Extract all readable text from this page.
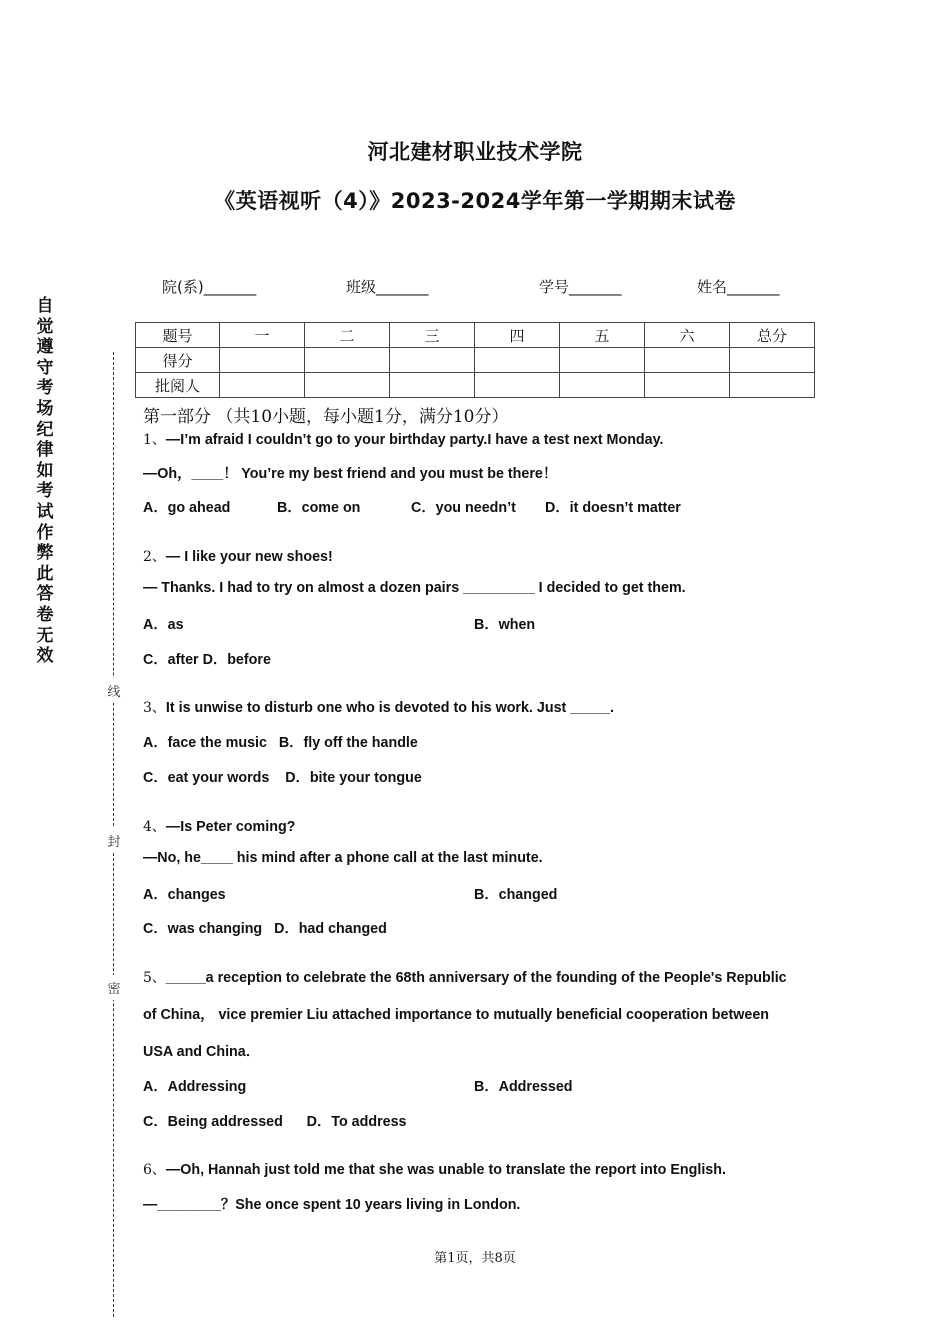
河北建材职业技术学院
《英语视听（4）》2023-2024学年第一学期期末试卷
自觉遵守考场纪律如考试作弊此答卷无效
线
封
密
院(系)_______	班级_______	学号_______	姓名_______
题号	一	二	三	四	五	六	总分
得分							
批阅人							
第一部分 （共10小题，每小题1分，满分10分）
1、—I’m afraid I couldn’t go to your birthday party.I have a test next Monday.
—Oh，____！ You’re my best friend and you must be there！
A．go ahead	B．come on	C．you needn’t D．it doesn’t matter
2、— I like your new shoes!
— Thanks. I had to try on almost a dozen pairs _________ I decided to get them.
A．as	B．when
C．after D．before
3、It is unwise to disturb one who is devoted to his work. Just _____.
A．face the music   B．fly off the handle
C．eat your words    D．bite your tongue
4、—Is Peter coming?
—No, he____ his mind after a phone call at the last minute.
A．changes	B．changed
C．was changing   D．had changed
5、_____a reception to celebrate the 68th anniversary of the founding of the People's Republic
of China， vice premier Liu attached importance to mutually beneficial cooperation between
USA and China．
A．Addressing	B．Addressed
C．Being addressed      D．To address
6、—Oh, Hannah just told me that she was unable to translate the report into English.
—________？She once spent 10 years living in London.
第1页，共8页
